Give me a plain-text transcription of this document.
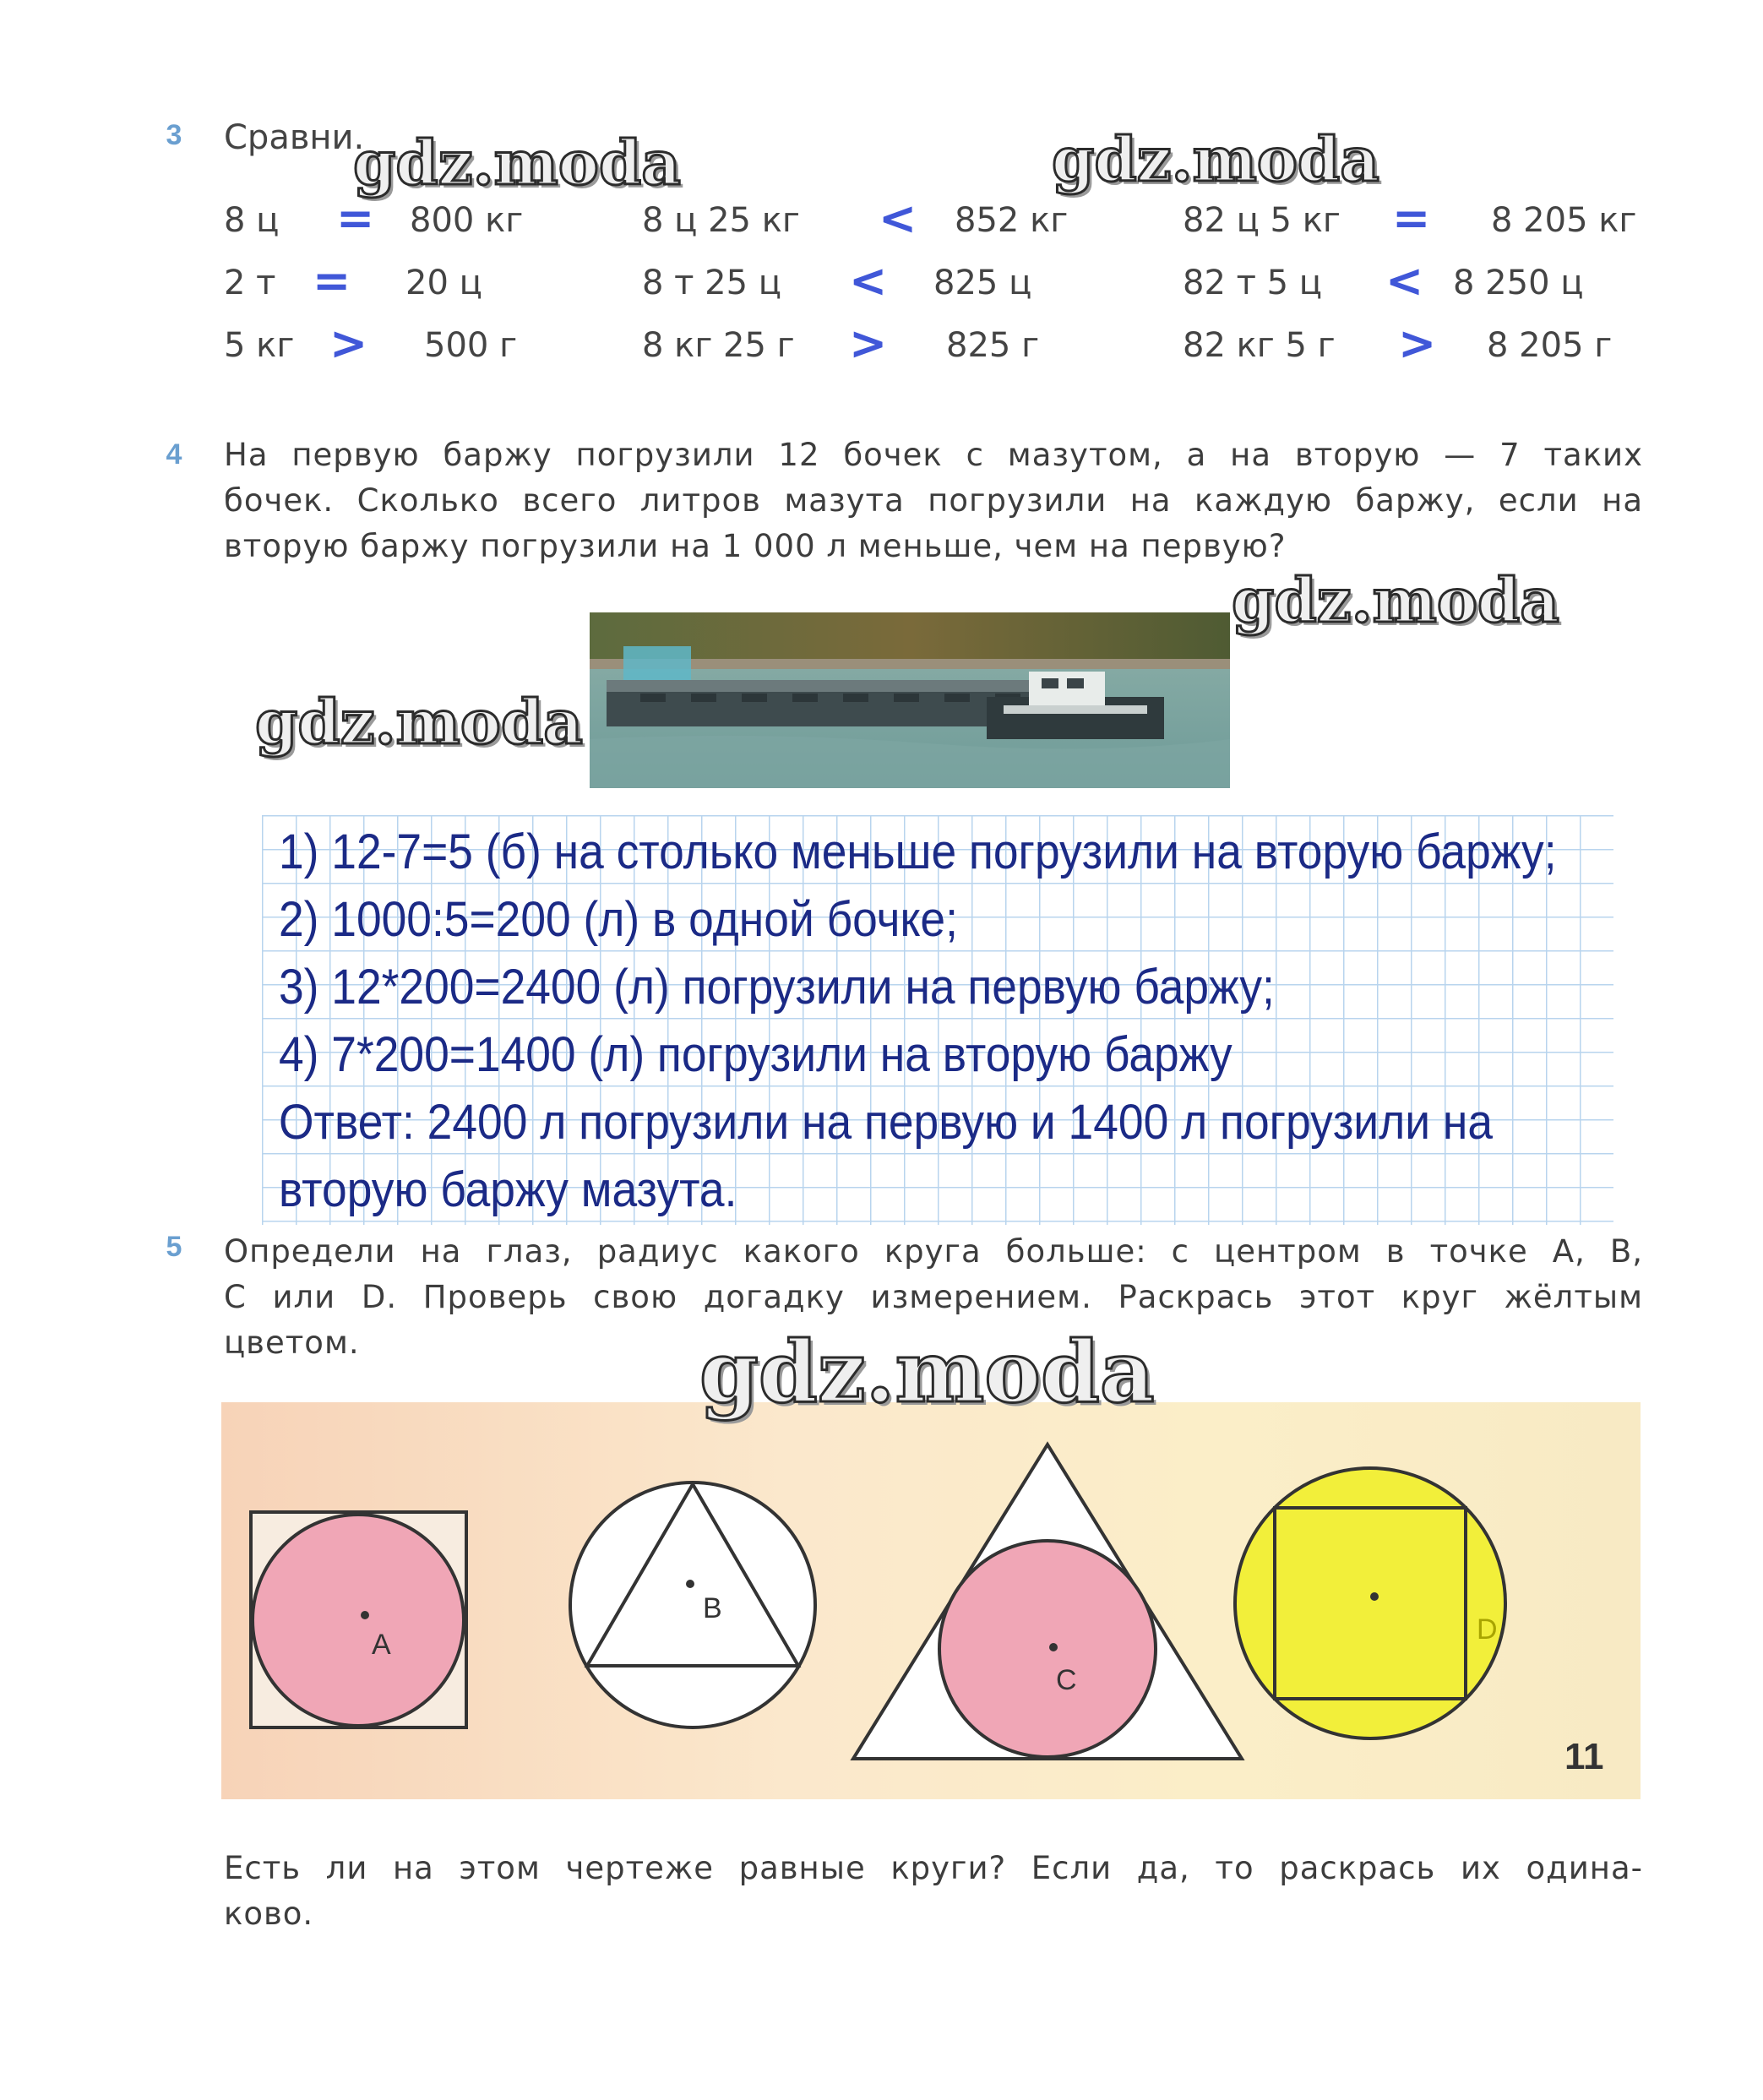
3 Сравни.
8 ц = 800 кг	8 ц 25 кг < 852 кг	82 ц 5 кг = 8 205 кг
2 т = 20 ц	8 т 25 ц < 825 ц	82 т 5 ц < 8 250 ц
5 кг > 500 г	8 кг 25 г > 825 г	82 кг 5 г > 8 205 г
4 На первую баржу погрузили 12 бочек с мазутом, а на вторую — 7 таких
бочек. Сколько всего литров мазута погрузили на каждую баржу, если на
вторую баржу погрузили на 1 000 л меньше, чем на первую?
1) 12-7=5 (б) на столько меньше погрузили на вторую баржу;
2) 1000:5=200 (л) в одной бочке;
3) 12*200=2400 (л) погрузили на первую баржу;
4) 7*200=1400 (л) погрузили на вторую баржу
Ответ: 2400 л погрузили на первую и 1400 л погрузили на
вторую баржу мазута.
5 Определи на глаз, радиус какого круга больше: с центром в точке А, В,
С или D. Проверь свою догадку измерением. Раскрась этот круг жёлтым
цветом.
A
B
C
D
11
Есть ли на этом чертеже равные круги? Если да, то раскрась их одина-
ково.
gdz.moda	gdz.moda
gdz.moda
gdz.moda
gdz.moda
